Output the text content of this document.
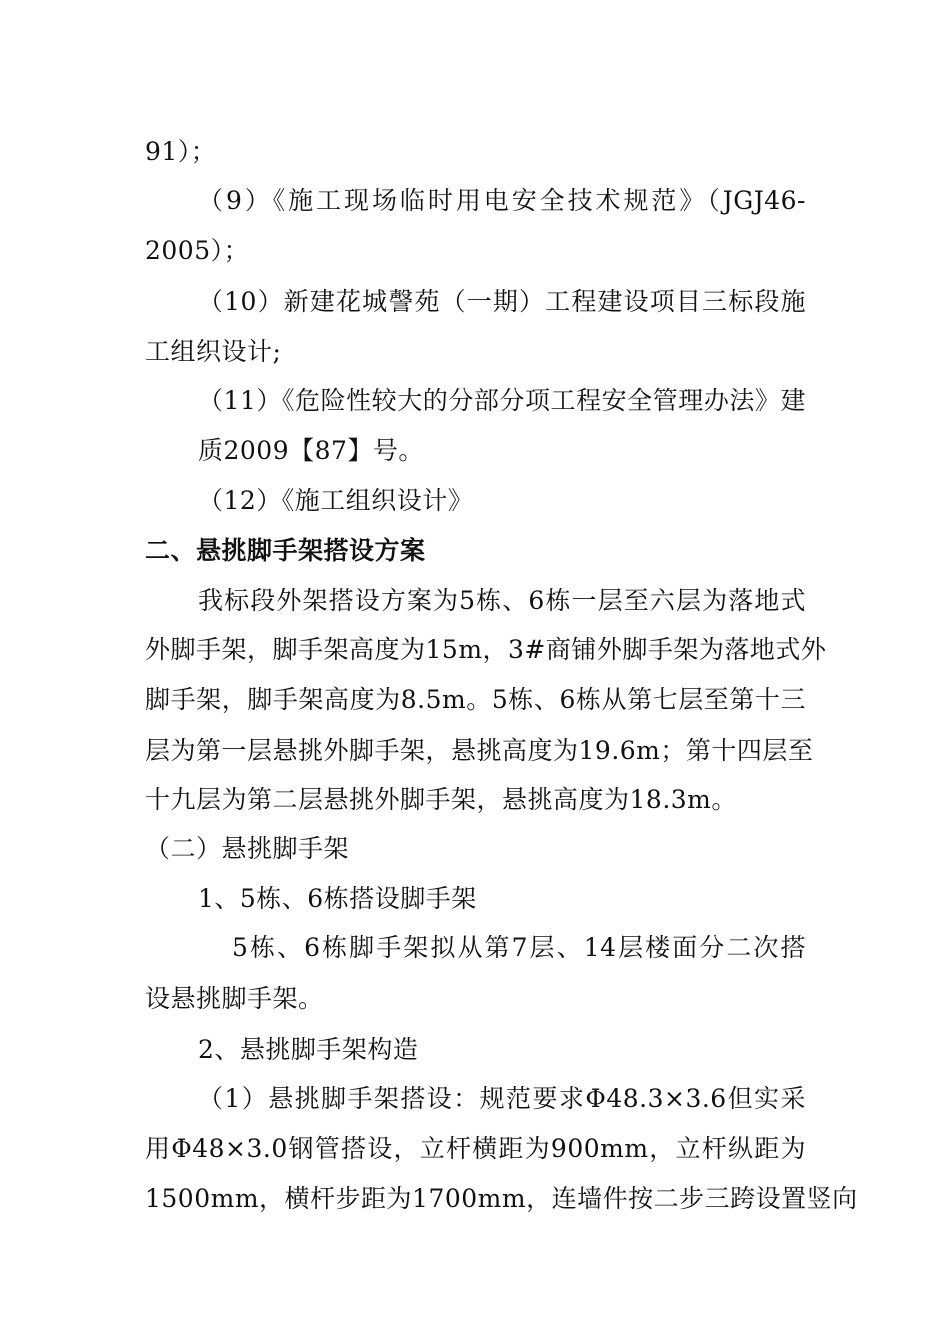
91）；
（9）《施工现场临时用电安全技术规范》（JGJ46-
2005）；
（10）新建花城謦苑（一期）工程建设项目三标段施
工组织设计;
（11）《危险性较大的分部分项工程安全管理办法》建
质2009【87】号。
（12）《施工组织设计》
二、悬挑脚手架搭设方案
我标段外架搭设方案为5栋、6栋一层至六层为落地式
外脚手架，脚手架高度为15m，3#商铺外脚手架为落地式外
脚手架，脚手架高度为8.5m。5栋、6栋从第七层至第十三
层为第一层悬挑外脚手架，悬挑高度为19.6m；第十四层至
十九层为第二层悬挑外脚手架，悬挑高度为18.3m。
（二）悬挑脚手架
1、5栋、6栋搭设脚手架
5栋、6栋脚手架拟从第7层、14层楼面分二次搭
设悬挑脚手架。
2、悬挑脚手架构造
（1）悬挑脚手架搭设：规范要求Φ48.3×3.6但实采
用Φ48×3.0钢管搭设，立杆横距为900mm，立杆纵距为
1500mm，横杆步距为1700mm，连墙件按二步三跨设置竖向
